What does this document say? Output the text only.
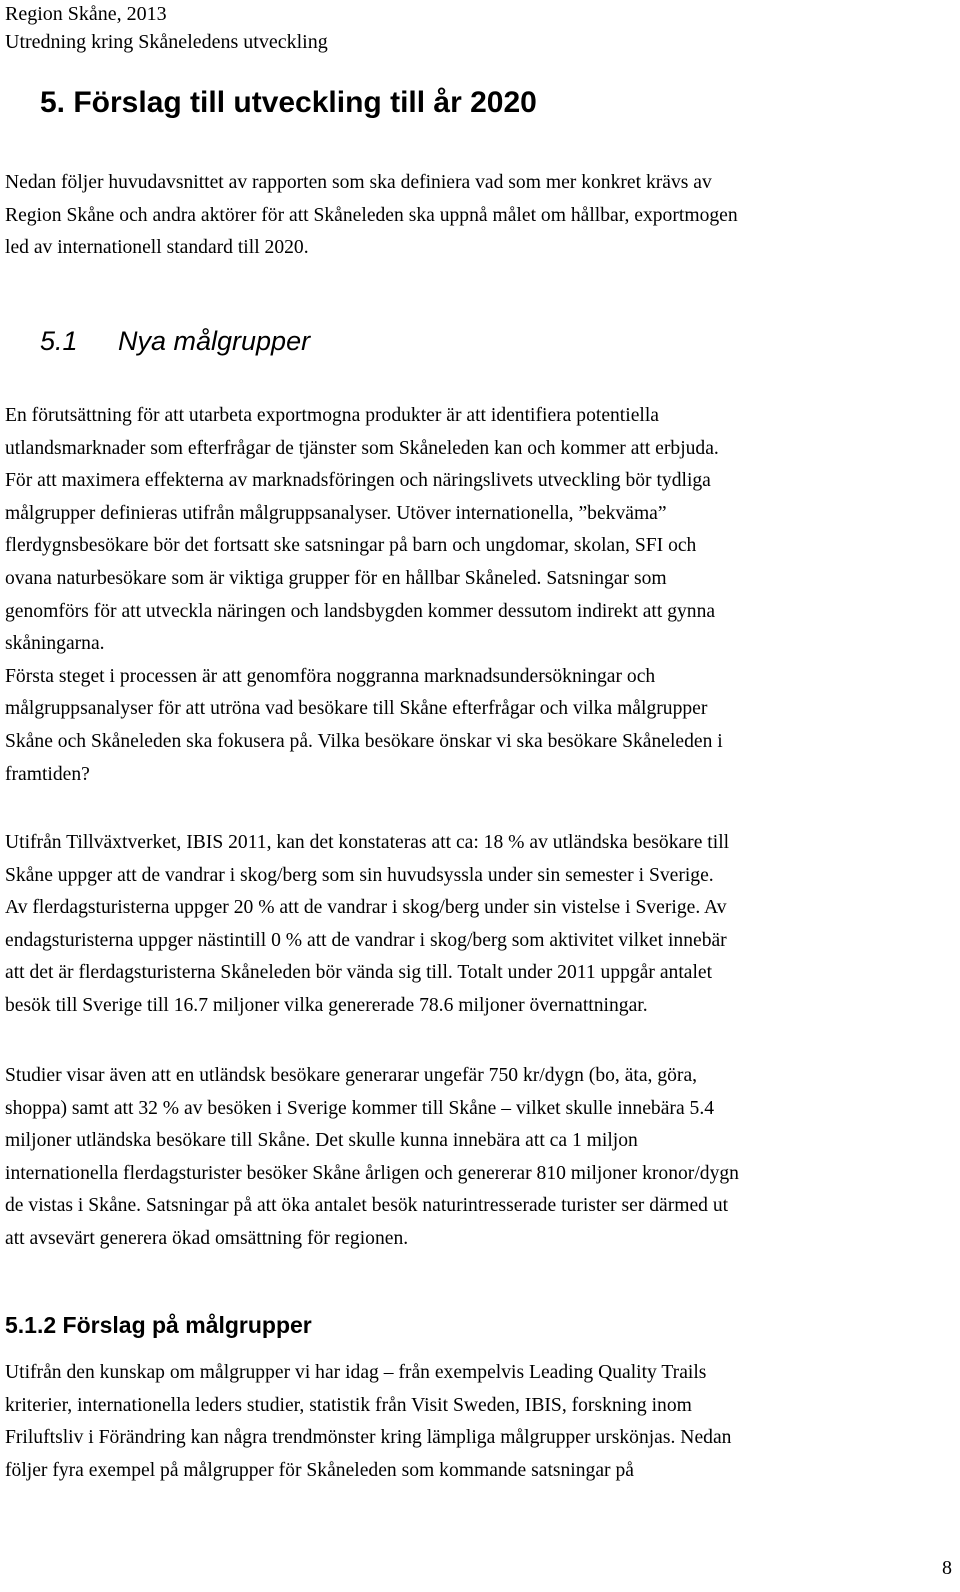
Region Skåne, 2013
Utredning kring Skåneledens utveckling
5. Förslag till utveckling till år 2020

Nedan följer huvudavsnittet av rapporten som ska definiera vad som mer konkret krävs av
Region Skåne och andra aktörer för att Skåneleden ska uppnå målet om hållbar, exportmogen
led av internationell standard till 2020.

5.1 Nya målgrupper

En förutsättning för att utarbeta exportmogna produkter är att identifiera potentiella
utlandsmarknader som efterfrågar de tjänster som Skåneleden kan och kommer att erbjuda.
För att maximera effekterna av marknadsföringen och näringslivets utveckling bör tydliga
målgrupper definieras utifrån målgruppsanalyser. Utöver internationella, ”bekväma”
flerdygnsbesökare bör det fortsatt ske satsningar på barn och ungdomar, skolan, SFI och
ovana naturbesökare som är viktiga grupper för en hållbar Skåneled. Satsningar som
genomförs för att utveckla näringen och landsbygden kommer dessutom indirekt att gynna
skåningarna.
Första steget i processen är att genomföra noggranna marknadsundersökningar och
målgruppsanalyser för att utröna vad besökare till Skåne efterfrågar och vilka målgrupper
Skåne och Skåneleden ska fokusera på. Vilka besökare önskar vi ska besökare Skåneleden i
framtiden?

Utifrån Tillväxtverket, IBIS 2011, kan det konstateras att ca: 18 % av utländska besökare till
Skåne uppger att de vandrar i skog/berg som sin huvudsyssla under sin semester i Sverige.
Av flerdagsturisterna uppger 20 % att de vandrar i skog/berg under sin vistelse i Sverige. Av
endagsturisterna uppger nästintill 0 % att de vandrar i skog/berg som aktivitet vilket innebär
att det är flerdagsturisterna Skåneleden bör vända sig till. Totalt under 2011 uppgår antalet
besök till Sverige till 16.7 miljoner vilka genererade 78.6 miljoner övernattningar.

Studier visar även att en utländsk besökare generarar ungefär 750 kr/dygn (bo, äta, göra,
shoppa) samt att 32 % av besöken i Sverige kommer till Skåne – vilket skulle innebära 5.4
miljoner utländska besökare till Skåne. Det skulle kunna innebära att ca 1 miljon
internationella flerdagsturister besöker Skåne årligen och genererar 810 miljoner kronor/dygn
de vistas i Skåne. Satsningar på att öka antalet besök naturintresserade turister ser därmed ut
att avsevärt generera ökad omsättning för regionen.

5.1.2 Förslag på målgrupper

Utifrån den kunskap om målgrupper vi har idag – från exempelvis Leading Quality Trails
kriterier, internationella leders studier, statistik från Visit Sweden, IBIS, forskning inom
Friluftsliv i Förändring kan några trendmönster kring lämpliga målgrupper urskönjas. Nedan
följer fyra exempel på målgrupper för Skåneleden som kommande satsningar på

8
